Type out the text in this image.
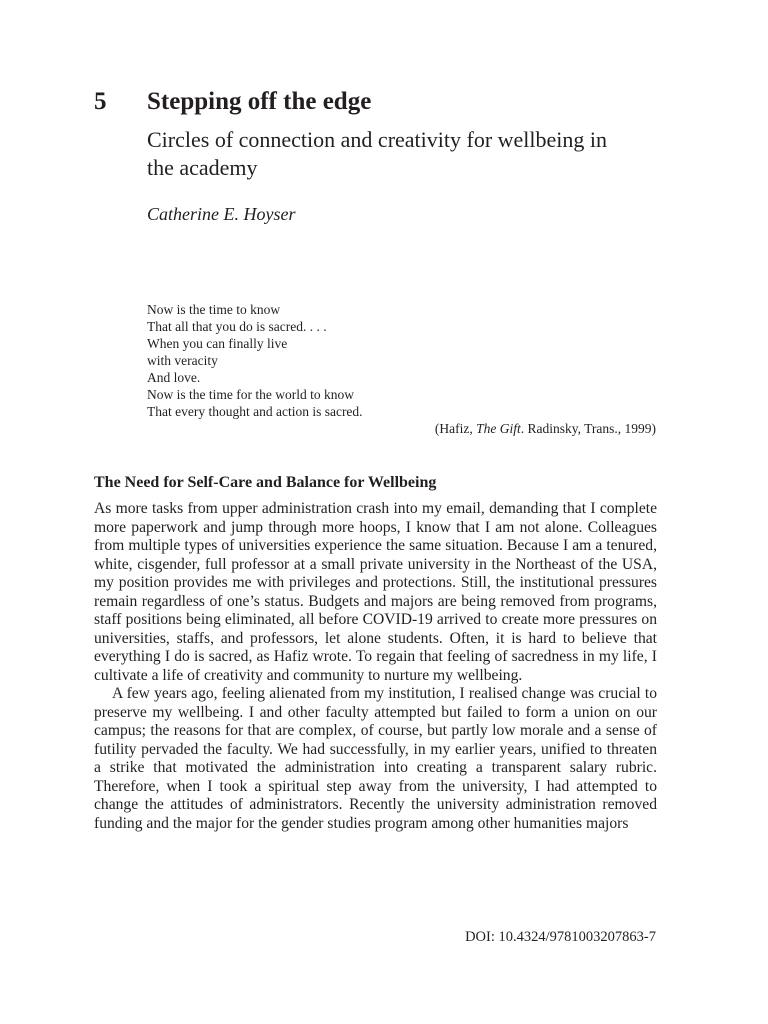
5 Stepping off the edge
Circles of connection and creativity for wellbeing in the academy
Catherine E. Hoyser
Now is the time to know
That all that you do is sacred. . . .
When you can finally live
with veracity
And love.
Now is the time for the world to know
That every thought and action is sacred.
(Hafiz, The Gift. Radinsky, Trans., 1999)
The Need for Self-Care and Balance for Wellbeing

As more tasks from upper administration crash into my email, demanding that I complete more paperwork and jump through more hoops, I know that I am not alone. Colleagues from multiple types of universities experience the same situation. Because I am a tenured, white, cisgender, full professor at a small private university in the Northeast of the USA, my position provides me with privileges and protections. Still, the institutional pressures remain regardless of one’s status. Budgets and majors are being removed from programs, staff positions being eliminated, all before COVID-19 arrived to create more pressures on universities, staffs, and professors, let alone students. Often, it is hard to believe that everything I do is sacred, as Hafiz wrote. To regain that feeling of sacredness in my life, I cultivate a life of creativity and community to nurture my wellbeing.

A few years ago, feeling alienated from my institution, I realised change was crucial to preserve my wellbeing. I and other faculty attempted but failed to form a union on our campus; the reasons for that are complex, of course, but partly low morale and a sense of futility pervaded the faculty. We had successfully, in my earlier years, unified to threaten a strike that motivated the administration into creating a transparent salary rubric. Therefore, when I took a spiritual step away from the university, I had attempted to change the attitudes of administrators. Recently the university administration removed funding and the major for the gender studies program among other humanities majors

DOI: 10.4324/9781003207863-7
